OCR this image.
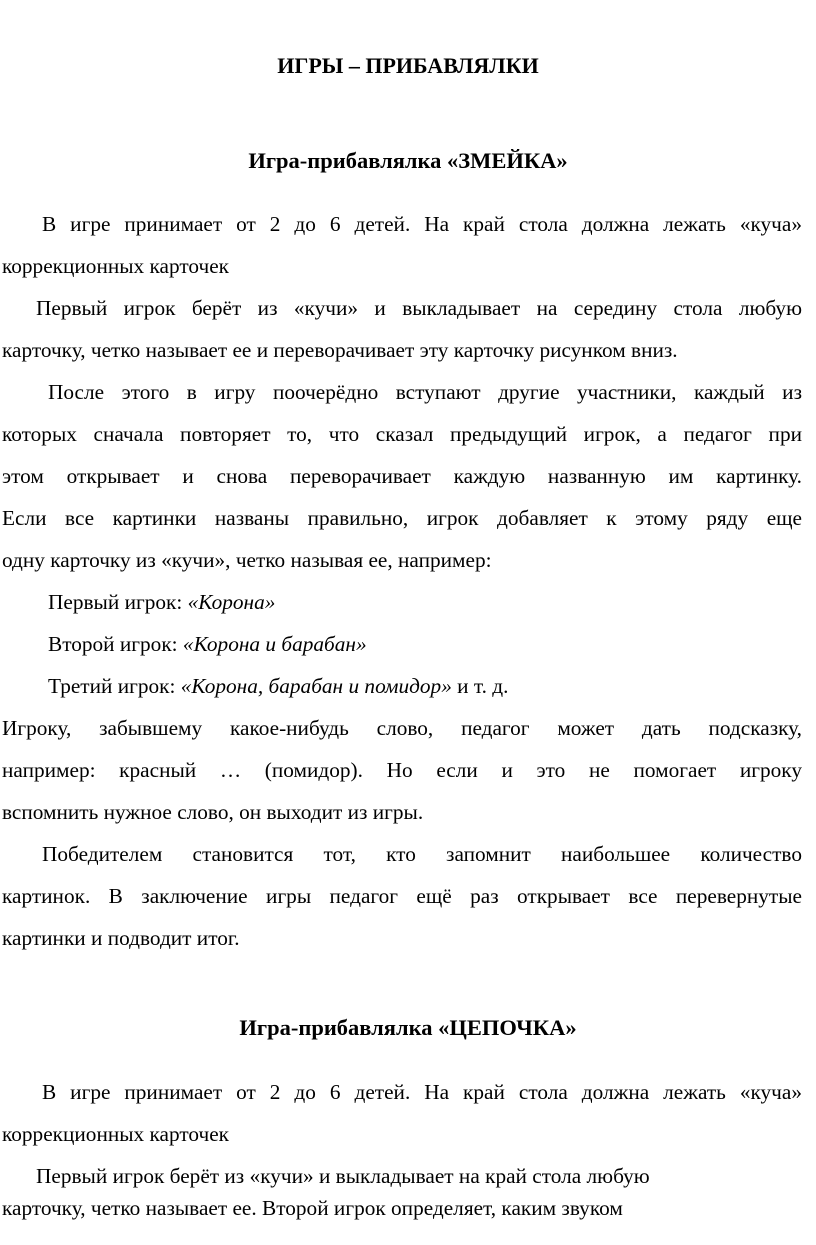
ИГРЫ – ПРИБАВЛЯЛКИ

Игра-прибавлялка «ЗМЕЙКА»

В игре принимает от 2 до 6 детей. На край стола должна лежать «куча»

коррекционных карточек

Первый игрок берёт из «кучи» и выкладывает на середину стола любую

карточку, четко называет ее и переворачивает эту карточку рисунком вниз.

После этого в игру поочерёдно вступают другие участники, каждый из

которых сначала повторяет то, что сказал предыдущий игрок, а педагог при

этом открывает и снова переворачивает каждую названную им картинку.

Если все картинки названы правильно, игрок добавляет к этому ряду еще

одну карточку из «кучи», четко называя ее, например:

Первый игрок: «Корона»

Второй игрок: «Корона и барабан»

Третий игрок: «Корона, барабан и помидор» и т. д.

Игроку, забывшему какое-нибудь слово, педагог может дать подсказку,

например: красный … (помидор). Но если и это не помогает игроку

вспомнить нужное слово, он выходит из игры.

Победителем становится тот, кто запомнит наибольшее количество

картинок. В заключение игры педагог ещё раз открывает все перевернутые

картинки и подводит итог.

Игра-прибавлялка «ЦЕПОЧКА»

В игре принимает от 2 до 6 детей. На край стола должна лежать «куча»

коррекционных карточек

Первый игрок берёт из «кучи» и выкладывает на край стола любую

карточку, четко называет ее. Второй игрок определяет, каким звуком
